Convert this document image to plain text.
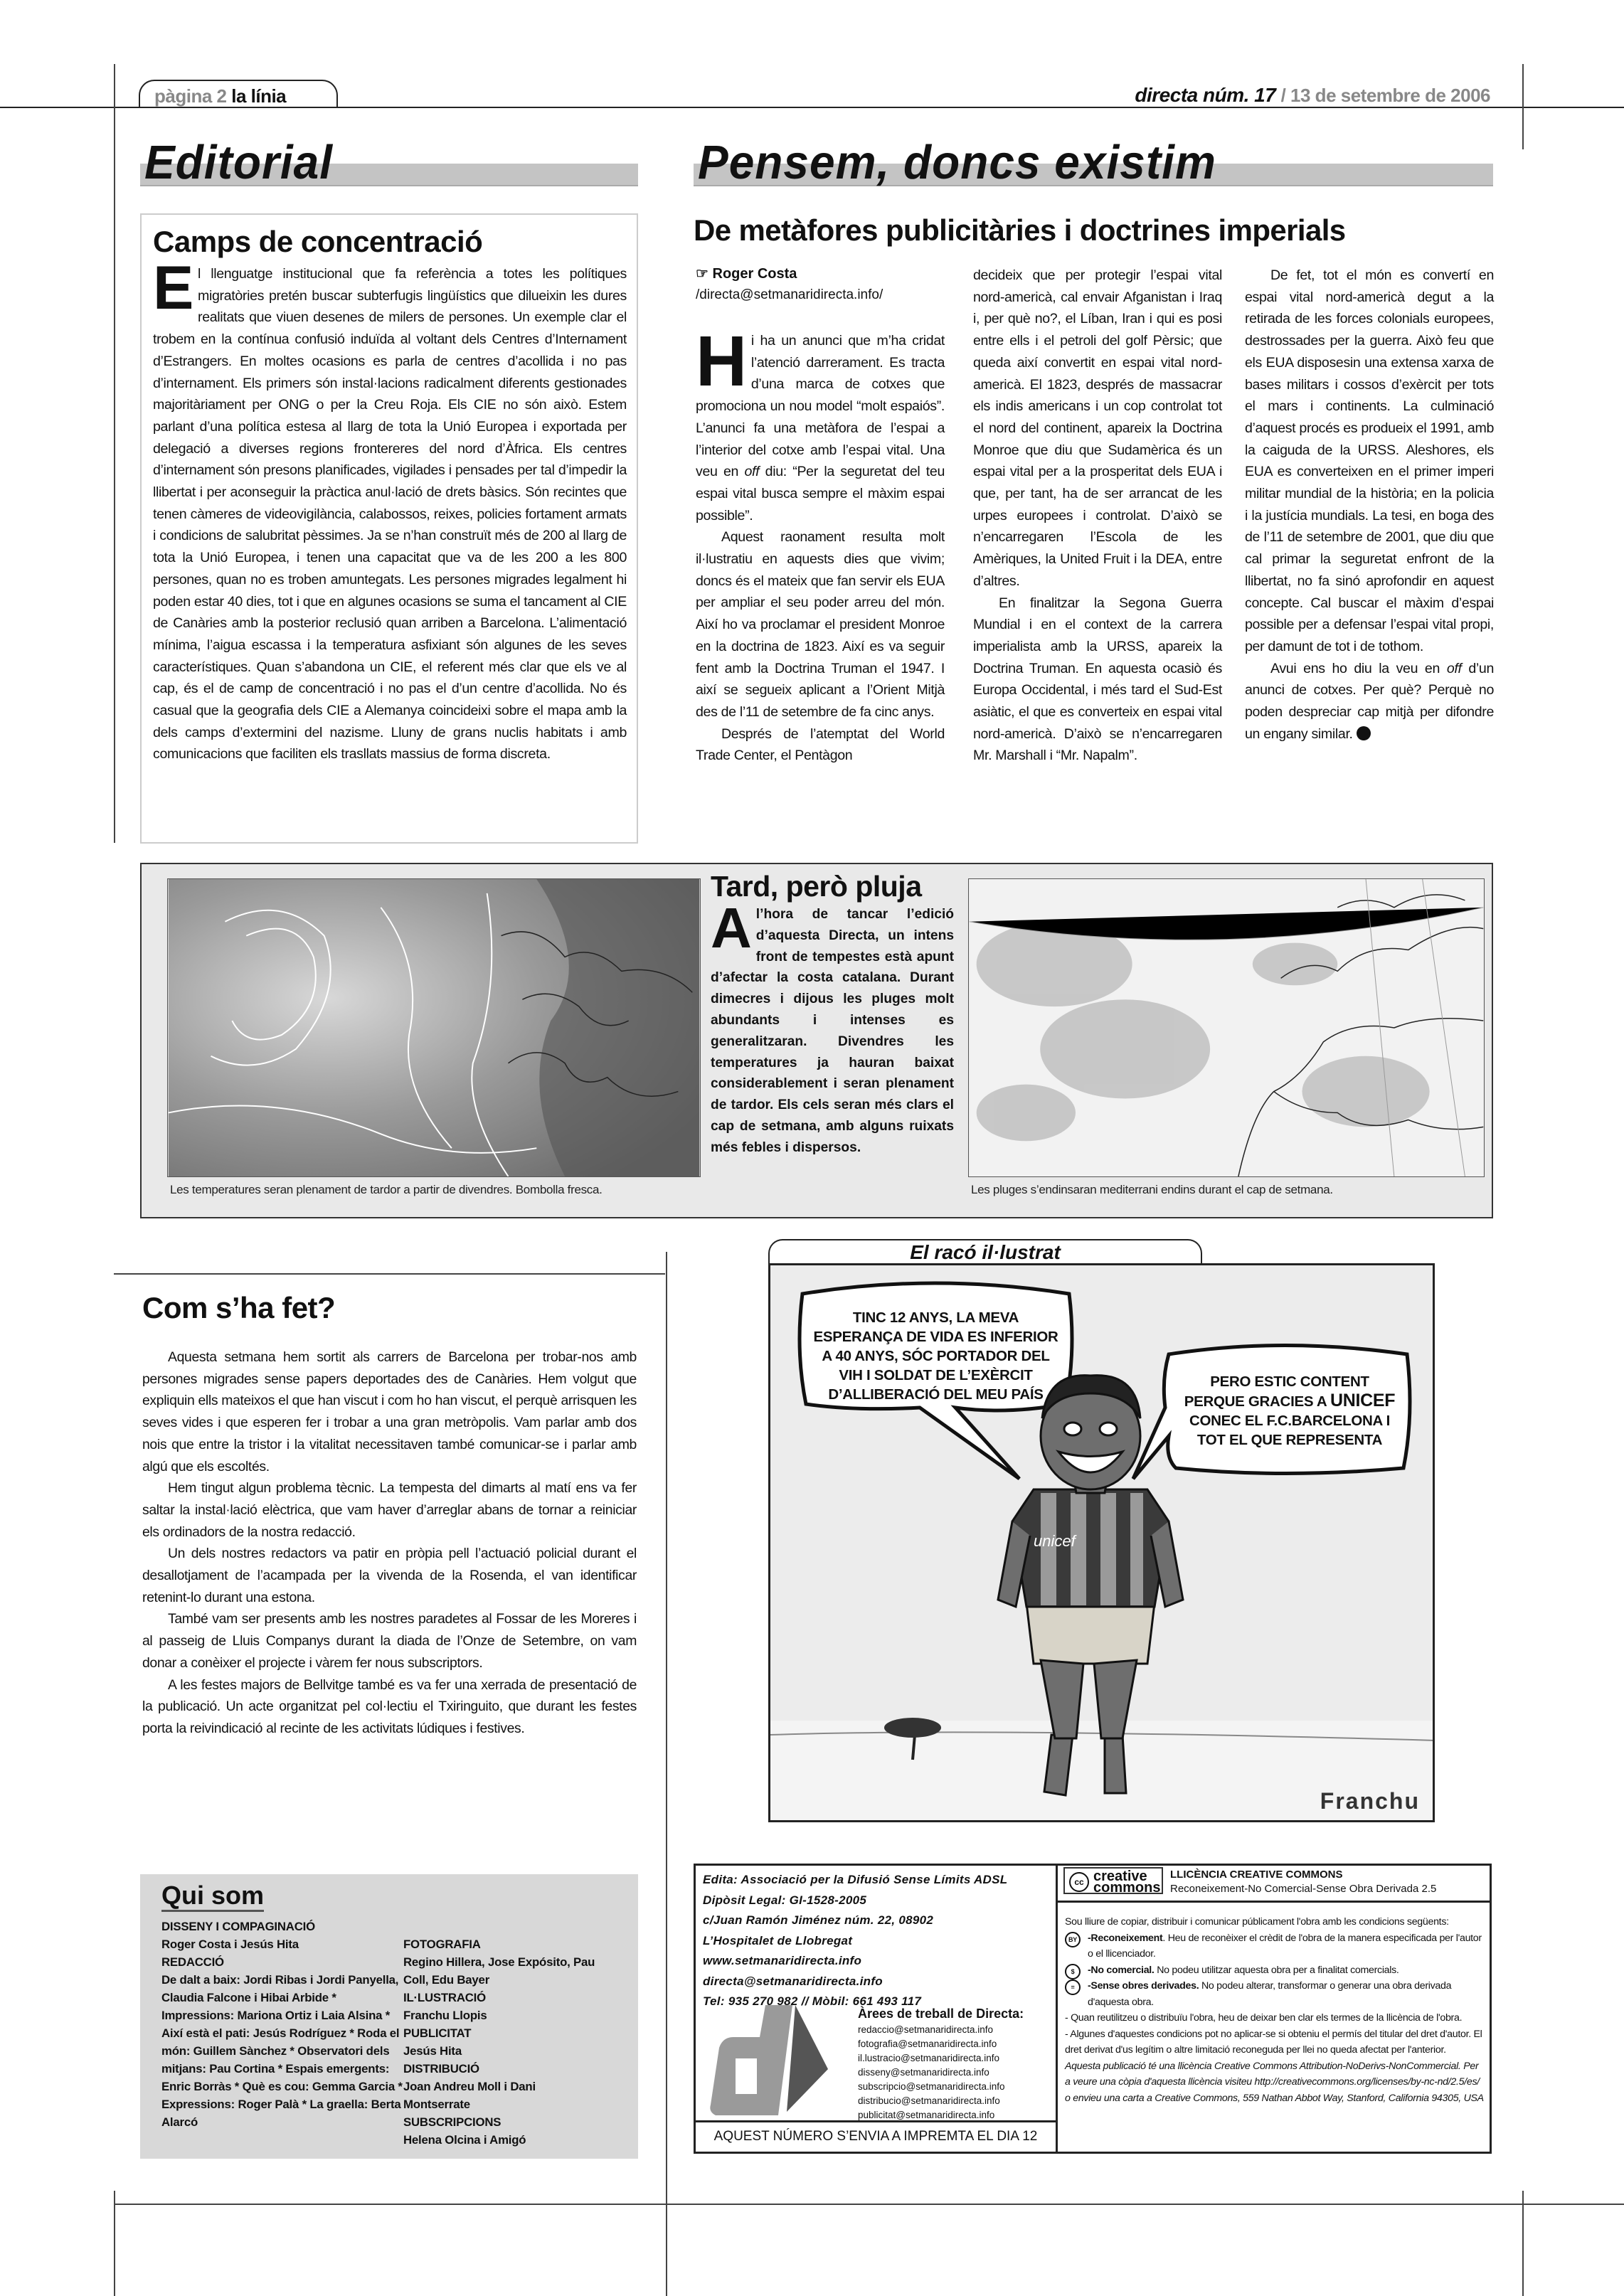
pàgina 2 la línia	directa núm. 17 / 13 de setembre de 2006
Editorial	Pensem, doncs existim
Camps de concentració
El llenguatge institucional que fa referència a totes les polítiques migratòries pretén buscar subterfugis lingüístics que dilueixin les dures realitats que viuen desenes de milers de persones. Un exemple clar el trobem en la contínua confusió induïda al voltant dels Centres d’Internament d’Estrangers. En moltes ocasions es parla de centres d’acollida i no pas d’internament. Els primers són instal·lacions radicalment diferents gestionades majoritàriament per ONG o per la Creu Roja. Els CIE no són això. Estem parlant d’una política estesa al llarg de tota la Unió Europea i exportada per delegació a diverses regions frontereres del nord d’Àfrica. Els centres d’internament són presons planificades, vigilades i pensades per tal d’impedir la llibertat i per aconseguir la pràctica anul·lació de drets bàsics. Són recintes que tenen càmeres de videovigilància, calabossos, reixes, policies fortament armats i condicions de salubritat pèssimes. Ja se n’han construït més de 200 al llarg de tota la Unió Europea, i tenen una capacitat que va de les 200 a les 800 persones, quan no es troben amuntegats. Les persones migrades legalment hi poden estar 40 dies, tot i que en algunes ocasions se suma el tancament al CIE de Canàries amb la posterior reclusió quan arriben a Barcelona. L’alimentació mínima, l’aigua escassa i la temperatura asfixiant són algunes de les seves característiques. Quan s’abandona un CIE, el referent més clar que els ve al cap, és el de camp de concentració i no pas el d’un centre d’acollida. No és casual que la geografia dels CIE a Alemanya coincideixi sobre el mapa amb la dels camps d’extermini del nazisme. Lluny de grans nuclis habitats i amb comunicacions que faciliten els trasllats massius de forma discreta.
De metàfores publicitàries i doctrines imperials
☞ Roger Costa
/directa@setmanaridirecta.info/

Hi ha un anunci que m’ha cridat l’atenció darrerament. Es tracta d’una marca de cotxes que promociona un nou model “molt espaiós”. L’anunci fa una metàfora de l’espai a l’interior del cotxe amb l’espai vital. Una veu en off diu: “Per la seguretat del teu espai vital busca sempre el màxim espai possible”.

Aquest raonament resulta molt il·lustratiu en aquests dies que vivim; doncs és el mateix que fan servir els EUA per ampliar el seu poder arreu del món. Així ho va proclamar el president Monroe en la doctrina de 1823. Així es va seguir fent amb la Doctrina Truman el 1947. I així se segueix aplicant a l’Orient Mitjà des de l’11 de setembre de fa cinc anys.

Després de l’atemptat del World Trade Center, el Pentàgon

decideix que per protegir l’espai vital nord-americà, cal envair Afganistan i Iraq i, per què no?, el Líban, Iran i qui es posi entre ells i el petroli del golf Pèrsic; que queda així convertit en espai vital nord-americà. El 1823, després de massacrar els indis americans i un cop controlat tot el nord del continent, apareix la Doctrina Monroe que diu que Sudamèrica és un espai vital per a la prosperitat dels EUA i que, per tant, ha de ser arrancat de les urpes europees i controlat. D’això se n’encarregaren l’Escola de les Amèriques, la United Fruit i la DEA, entre d’altres.

En finalitzar la Segona Guerra Mundial i en el context de la carrera imperialista amb la URSS, apareix la Doctrina Truman. En aquesta ocasiò és Europa Occidental, i més tard el Sud-Est asiàtic, el que es converteix en espai vital nord-americà. D’això se n’encarregaren Mr. Marshall i “Mr. Napalm”.

De fet, tot el món es convertí en espai vital nord-americà degut a la retirada de les forces colonials europees, destrossades per la guerra. Això feu que els EUA disposesin una extensa xarxa de bases militars i cossos d’exèrcit per tots el mars i continents. La culminació d’aquest procés es produeix el 1991, amb la caiguda de la URSS. Aleshores, els EUA es converteixen en el primer imperi militar mundial de la història; en la policia i la justícia mundials. La tesi, en boga des de l’11 de setembre de 2001, que diu que cal primar la seguretat enfront de la llibertat, no fa sinó aprofondir en aquest concepte. Cal buscar el màxim d’espai possible per a defensar l’espai vital propi, per damunt de tot i de tothom.

Avui ens ho diu la veu en off d’un anunci de cotxes. Per què? Perquè no poden despreciar cap mitjà per difondre un engany similar.

Les temperatures seran plenament de tardor a partir de divendres. Bombolla fresca.
Tard, però pluja
Al’hora de tancar l’edició d’aquesta Directa, un intens front de tempestes està apunt d’afectar la costa catalana. Durant dimecres i dijous les pluges molt abundants i intenses es generalitzaran. Divendres les temperatures ja hauran baixat considerablement i seran plenament de tardor. Els cels seran més clars el cap de setmana, amb alguns ruixats més febles i dispersos.
Les pluges s’endinsaran mediterrani endins durant el cap de setmana.
Com s’ha fet?

Aquesta setmana hem sortit als carrers de Barcelona per trobar-nos amb persones migrades sense papers deportades des de Canàries. Hem volgut que expliquin ells mateixos el que han viscut i com ho han viscut, el perquè arrisquen les seves vides i que esperen fer i trobar a una gran metròpolis. Vam parlar amb dos nois que entre la tristor i la vitalitat necessitaven també comunicar-se i parlar amb algú que els escoltés.

Hem tingut algun problema tècnic. La tempesta del dimarts al matí ens va fer saltar la instal·lació elèctrica, que vam haver d’arreglar abans de tornar a reiniciar els ordinadors de la nostra redacció.

Un dels nostres redactors va patir en pròpia pell l’actuació policial durant el desallotjament de l’acampada per la vivenda de la Rosenda, el van identificar retenint-lo durant una estona.

També vam ser presents amb les nostres paradetes al Fossar de les Moreres i al passeig de Lluis Companys durant la diada de l’Onze de Setembre, on vam donar a conèixer el projecte i vàrem fer nous subscriptors.

A les festes majors de Bellvitge també es va fer una xerrada de presentació de la publicació. Un acte organitzat pel col·lectiu el Txiringuito, que durant les festes porta la reivindicació al recinte de les activitats lúdiques i festives.

El racó il·lustrat
TINC 12 ANYS, LA MEVA ESPERANÇA DE VIDA ES INFERIOR A 40 ANYS, SÓC PORTADOR DEL VIH I SOLDAT DE L’EXÈRCIT D’ALLIBERACIÓ DEL MEU PAÍS
PERO ESTIC CONTENT PERQUE GRACIES A UNICEF CONEC EL F.C.BARCELONA I TOT EL QUE REPRESENTA
unicef
Franchu
Qui som
DISSENY I COMPAGINACIÓ
Roger Costa i Jesús Hita
REDACCIÓ
De dalt a baix: Jordi Ribas i Jordi Panyella, Claudia Falcone i Hibai Arbide * Impressions: Mariona Ortiz i Laia Alsina * Així està el pati: Jesús Rodríguez * Roda el món: Guillem Sànchez * Observatori dels mitjans: Pau Cortina * Espais emergents: Enric Borràs * Què es cou: Gemma Garcia * Expressions: Roger Palà * La graella: Berta Alarcó
FOTOGRAFIA
Regino Hillera, Jose Expósito, Pau Coll, Edu Bayer
IL·LUSTRACIÓ
Franchu Llopis
PUBLICITAT
Jesús Hita
DISTRIBUCIÓ
Joan Andreu Moll i Dani Montserrate
SUBSCRIPCIONS
Helena Olcina i Amigó
Edita: Associació per la Difusió Sense Límits ADSL
Dipòsit Legal: GI-1528-2005
c/Juan Ramón Jiménez núm. 22, 08902
L’Hospitalet de Llobregat
www.setmanaridirecta.info
directa@setmanaridirecta.info
Tel: 935 270 982 // Mòbil: 661 493 117
Àrees de treball de Directa:
redaccio@setmanaridirecta.info
fotografia@setmanaridirecta.info
il.lustracio@setmanaridirecta.info
disseny@setmanaridirecta.info
subscripcio@setmanaridirecta.info
distribucio@setmanaridirecta.info
publicitat@setmanaridirecta.info
AQUEST NÚMERO S’ENVIA A IMPREMTA EL DIA 12
cc creative
commons
LLICÈNCIA CREATIVE COMMONS
Reconeixement-No Comercial-Sense Obra Derivada 2.5
Sou lliure de copiar, distribuir i comunicar públicament l'obra amb les condicions següents:
BY	-Reconeixement. Heu de reconèixer el crèdit de l'obra de la manera especificada per l'autor o el llicenciador.
$	-No comercial. No podeu utilitzar aquesta obra per a finalitat comercials.
=	-Sense obres derivades. No podeu alterar, transformar o generar una obra derivada d'aquesta obra.
- Quan reutilitzeu o distribuïu l'obra, heu de deixar ben clar els termes de la llicència de l'obra.
- Algunes d'aquestes condicions pot no aplicar-se si obteniu el permís del titular del dret d'autor. El dret derivat d'us legítim o altre limitació reconeguda per llei no queda afectat per l'anterior.
Aquesta publicació té una llicència Creative Commons Attribution-NoDerivs-NonCommercial. Per a veure una còpia d'aquesta llicència visiteu http://creativecommons.org/licenses/by-nc-nd/2.5/es/ o envieu una carta a Creative Commons, 559 Nathan Abbot Way, Stanford, California 94305, USA
